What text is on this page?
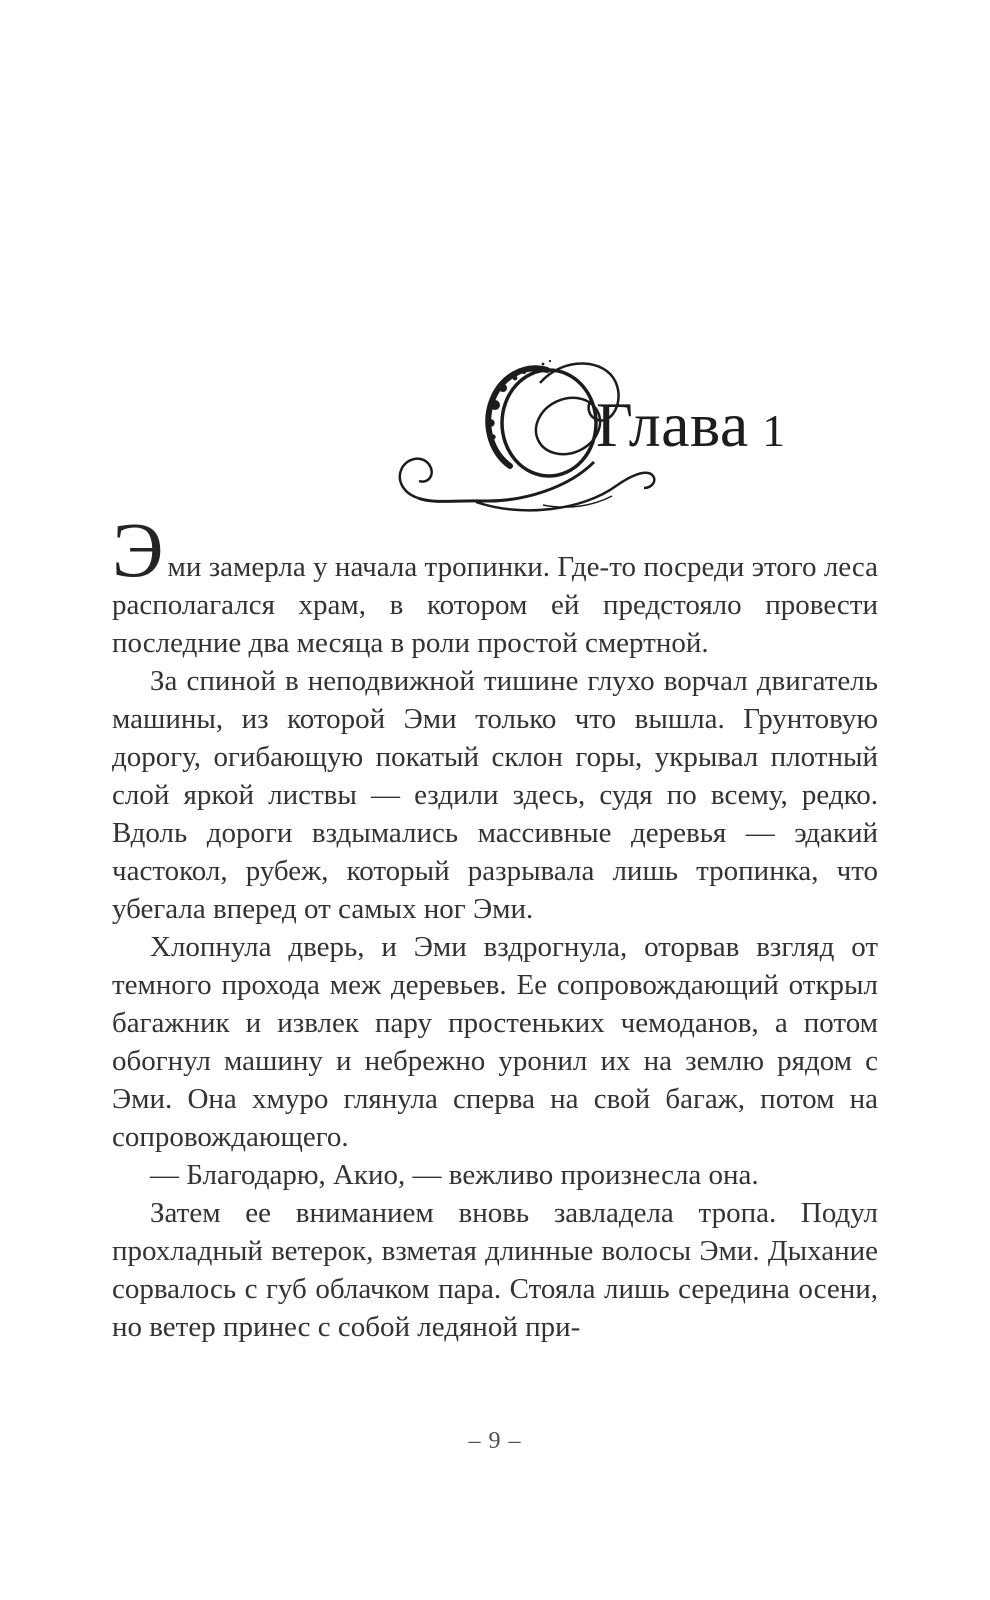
Глава  1

Эми замерла у начала тропинки. Где-то посреди этого леса располагался храм, в котором ей предстояло провести последние два месяца в роли простой смертной.

За спиной в неподвижной тишине глухо ворчал двигатель машины, из которой Эми только что вышла. Грунтовую дорогу, огибающую покатый склон горы, укрывал плотный слой яркой листвы — ездили здесь, судя по всему, редко. Вдоль дороги вздымались массивные деревья — эдакий частокол, рубеж, который разрывала лишь тропинка, что убегала вперед от самых ног Эми.

Хлопнула дверь, и Эми вздрогнула, оторвав взгляд от темного прохода меж деревьев. Ее сопровождающий открыл багажник и извлек пару простеньких чемоданов, а потом обогнул машину и небрежно уронил их на землю рядом с Эми. Она хмуро глянула сперва на свой багаж, потом на сопровождающего.

— Благодарю, Акио, — вежливо произнесла она.

Затем ее вниманием вновь завладела тропа. Подул прохладный ветерок, взметая длинные волосы Эми. Дыхание сорвалось с губ облачком пара. Стояла лишь середина осени, но ветер принес с собой ледяной при-

– 9 –
